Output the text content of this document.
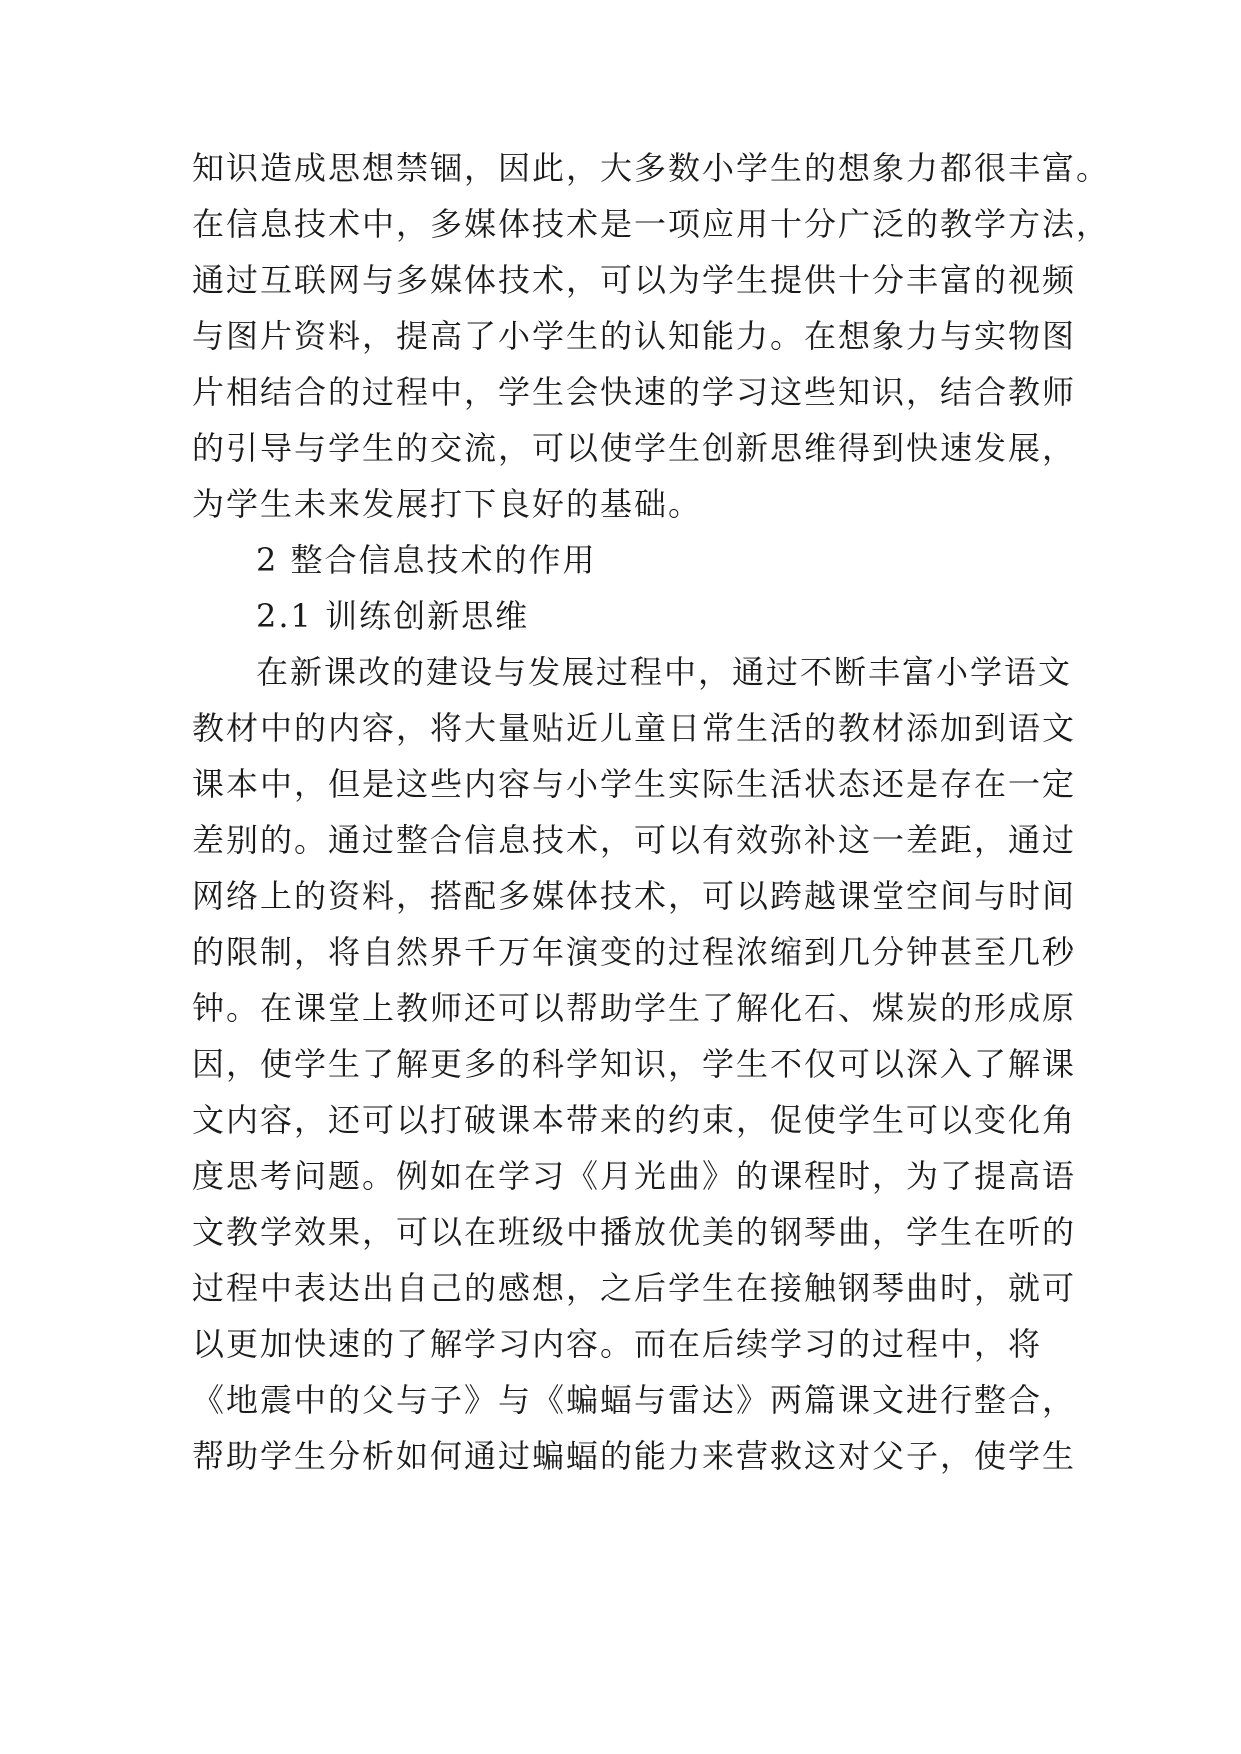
知识造成思想禁锢，因此，大多数小学生的想象力都很丰富。
在信息技术中，多媒体技术是一项应用十分广泛的教学方法，
通过互联网与多媒体技术，可以为学生提供十分丰富的视频
与图片资料，提高了小学生的认知能力。在想象力与实物图
片相结合的过程中，学生会快速的学习这些知识，结合教师
的引导与学生的交流，可以使学生创新思维得到快速发展，
为学生未来发展打下良好的基础。
2 整合信息技术的作用
2.1 训练创新思维
在新课改的建设与发展过程中，通过不断丰富小学语文
教材中的内容，将大量贴近儿童日常生活的教材添加到语文
课本中，但是这些内容与小学生实际生活状态还是存在一定
差别的。通过整合信息技术，可以有效弥补这一差距，通过
网络上的资料，搭配多媒体技术，可以跨越课堂空间与时间
的限制，将自然界千万年演变的过程浓缩到几分钟甚至几秒
钟。在课堂上教师还可以帮助学生了解化石、煤炭的形成原
因，使学生了解更多的科学知识，学生不仅可以深入了解课
文内容，还可以打破课本带来的约束，促使学生可以变化角
度思考问题。例如在学习《月光曲》的课程时，为了提高语
文教学效果，可以在班级中播放优美的钢琴曲，学生在听的
过程中表达出自己的感想，之后学生在接触钢琴曲时，就可
以更加快速的了解学习内容。而在后续学习的过程中，将
《地震中的父与子》与《蝙蝠与雷达》两篇课文进行整合，
帮助学生分析如何通过蝙蝠的能力来营救这对父子，使学生
